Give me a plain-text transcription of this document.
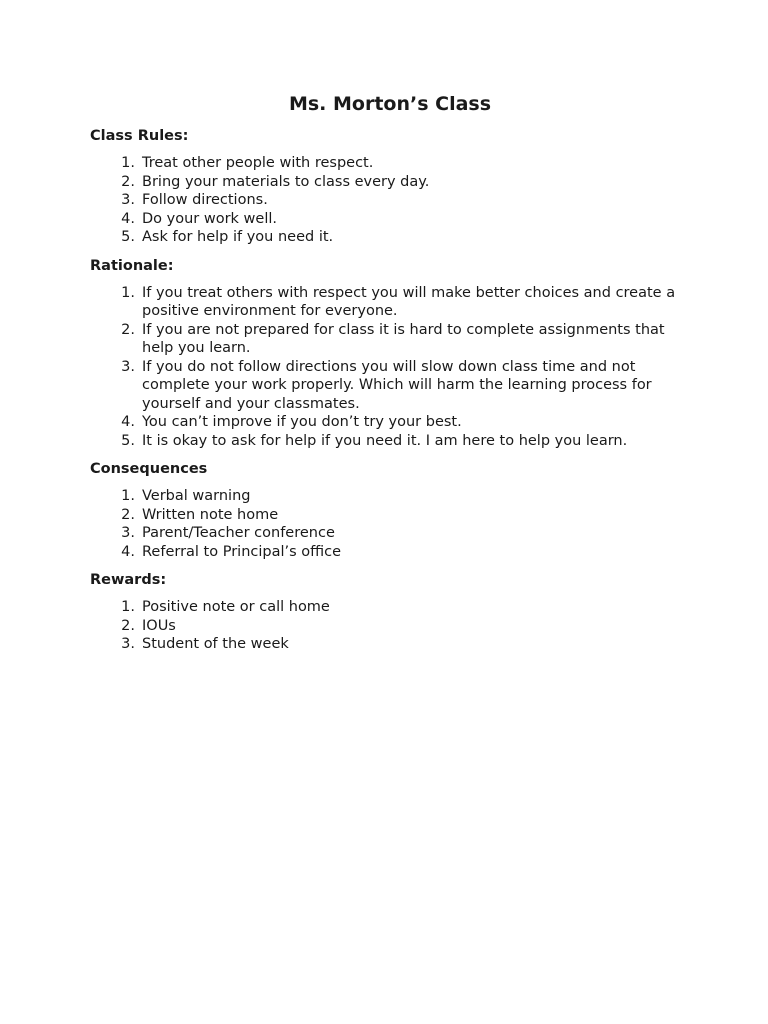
Ms. Morton’s Class
Class Rules:
1. Treat other people with respect.
2. Bring your materials to class every day.
3. Follow directions.
4. Do your work well.
5. Ask for help if you need it.
Rationale:
1. If you treat others with respect you will make better choices and create a positive environment for everyone.
2. If you are not prepared for class it is hard to complete assignments that help you learn.
3. If you do not follow directions you will slow down class time and not complete your work properly. Which will harm the learning process for yourself and your classmates.
4. You can’t improve if you don’t try your best.
5. It is okay to ask for help if you need it. I am here to help you learn.
Consequences
1. Verbal warning
2. Written note home
3. Parent/Teacher conference
4. Referral to Principal’s office
Rewards:
1. Positive note or call home
2. IOUs
3. Student of the week
